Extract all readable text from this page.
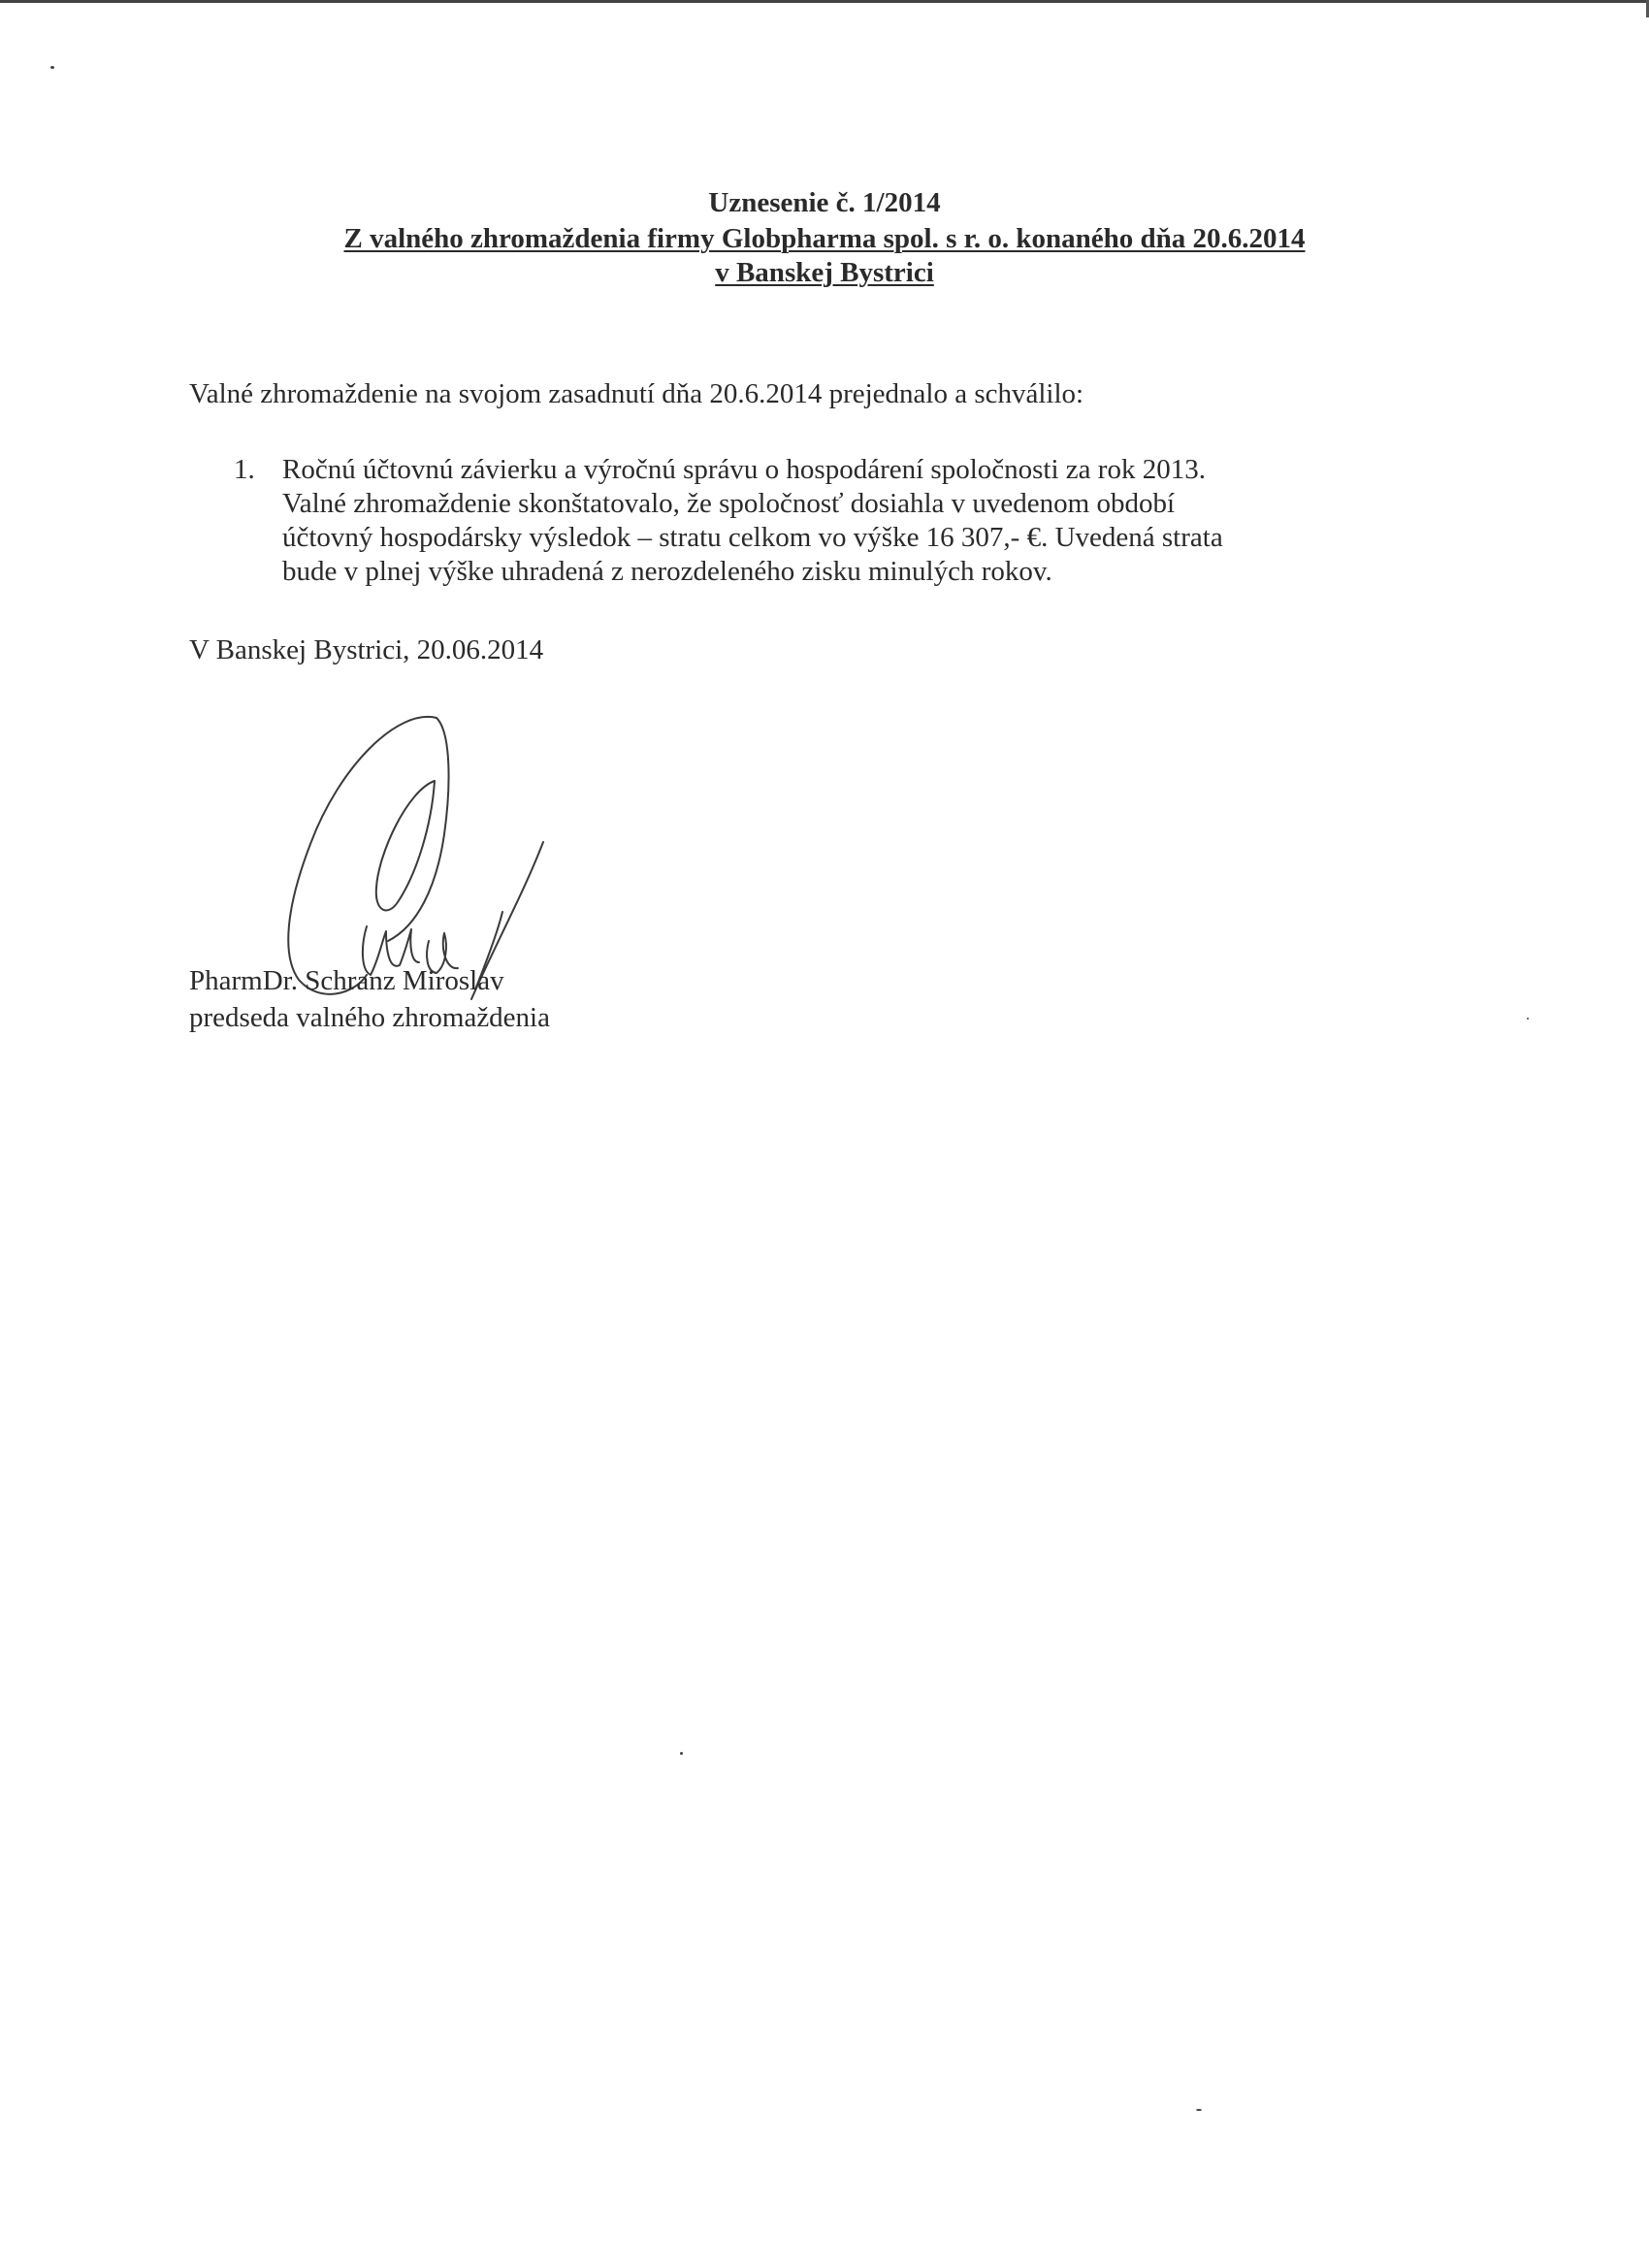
Uznesenie č. 1/2014
Z valného zhromaždenia firmy Globpharma spol. s r. o. konaného dňa 20.6.2014
v Banskej Bystrici
Valné zhromaždenie na svojom zasadnutí dňa 20.6.2014 prejednalo a schválilo:
1. Ročnú účtovnú závierku a výročnú správu o hospodárení spoločnosti za rok 2013.
Valné zhromaždenie skonštatovalo, že spoločnosť dosiahla v uvedenom období
účtovný hospodársky výsledok – stratu celkom vo výške 16 307,- €. Uvedená strata
bude v plnej výške uhradená z nerozdeleného zisku minulých rokov.
V Banskej Bystrici, 20.06.2014
PharmDr. Schranz Miroslav
predseda valného zhromaždenia
